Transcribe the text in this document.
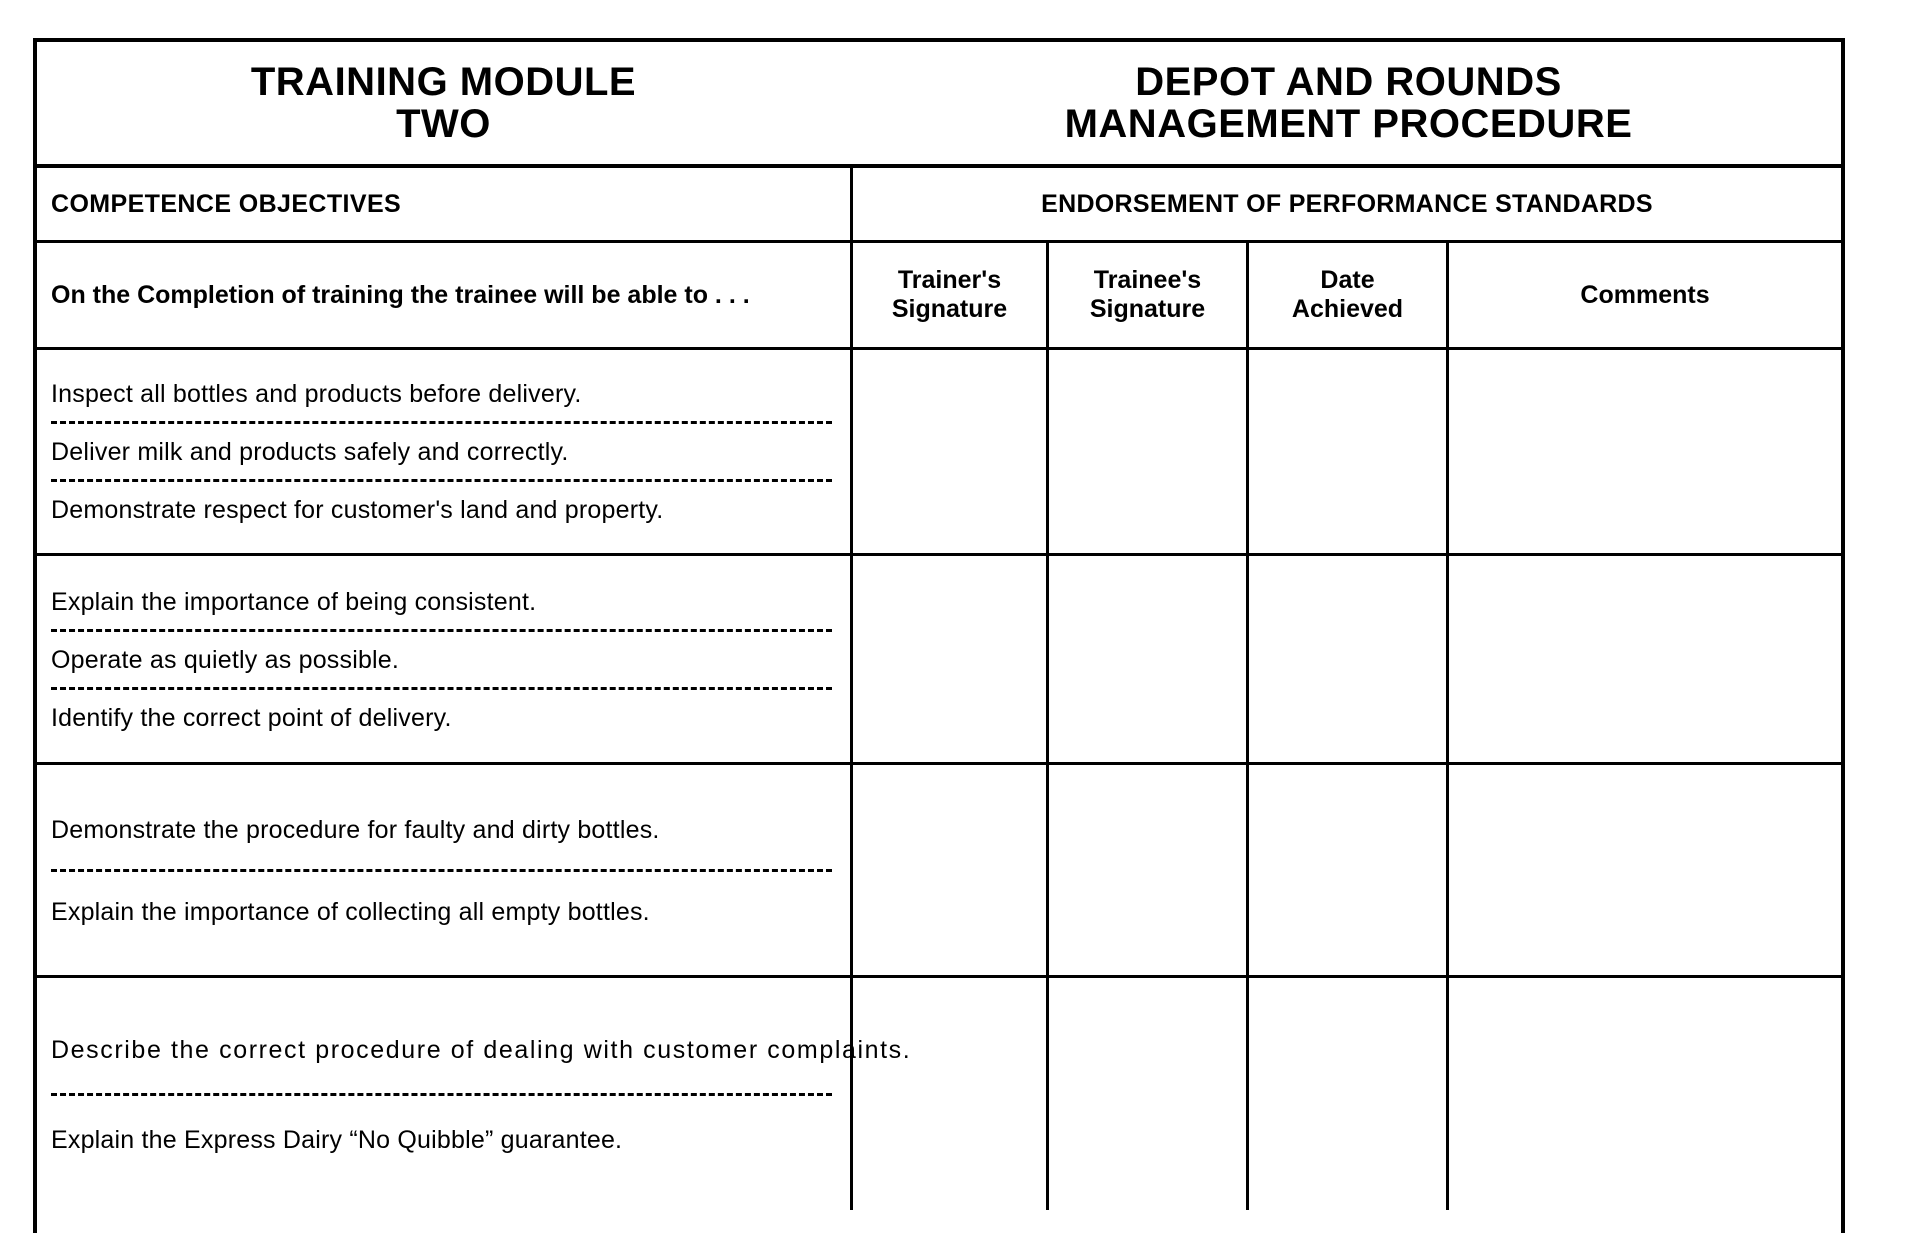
TRAINING MODULE
TWO
DEPOT AND ROUNDS
MANAGEMENT PROCEDURE
COMPETENCE OBJECTIVES	ENDORSEMENT OF PERFORMANCE STANDARDS
On the Completion of training the trainee will be able to . . .
Trainer's
Signature
Trainee's
Signature
Date
Achieved
Comments
Inspect all bottles and products before delivery.
Deliver milk and products safely and correctly.
Demonstrate respect for customer's land and property.
Explain the importance of being consistent.
Operate as quietly as possible.
Identify the correct point of delivery.
Demonstrate the procedure for faulty and dirty bottles.
Explain the importance of collecting all empty bottles.
Describe the correct procedure of dealing with customer complaints.
Explain the Express Dairy “No Quibble” guarantee.
